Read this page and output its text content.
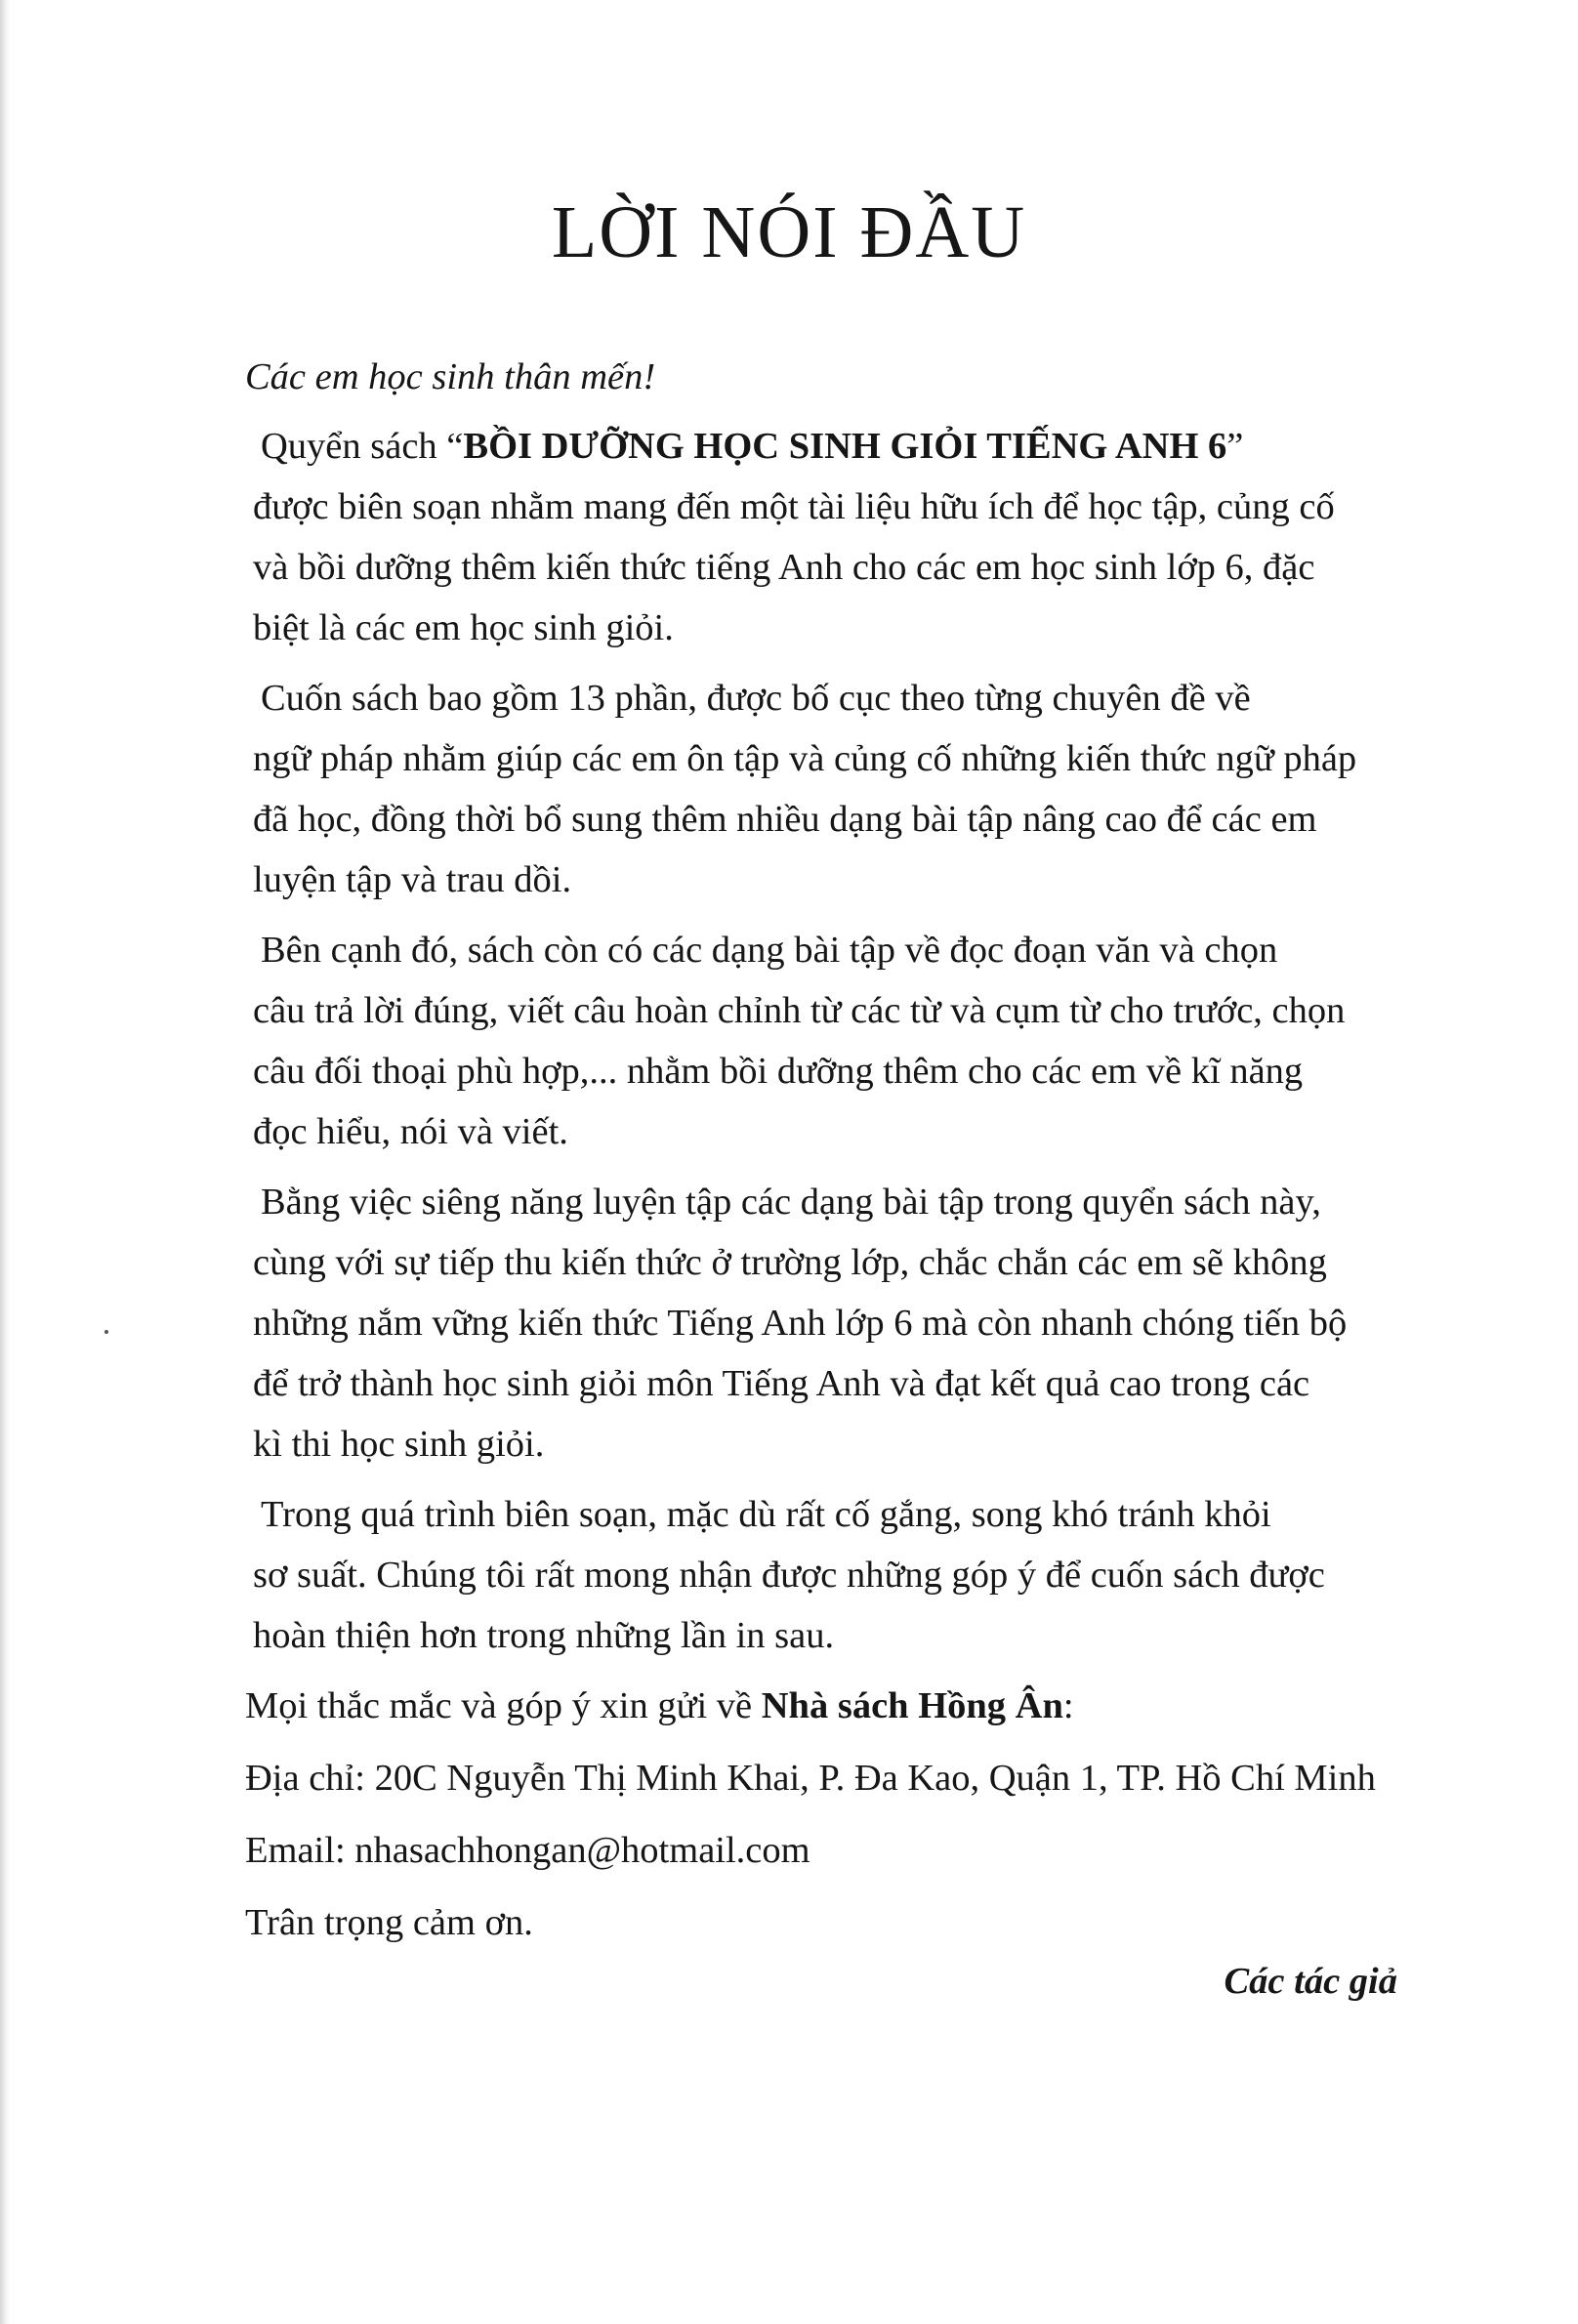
LỜI NÓI ĐẦU

Các em học sinh thân mến!

Quyển sách “BỒI DƯỠNG HỌC SINH GIỎI TIẾNG ANH 6”
được biên soạn nhằm mang đến một tài liệu hữu ích để học tập, củng cố
và bồi dưỡng thêm kiến thức tiếng Anh cho các em học sinh lớp 6, đặc
biệt là các em học sinh giỏi.

Cuốn sách bao gồm 13 phần, được bố cục theo từng chuyên đề về
ngữ pháp nhằm giúp các em ôn tập và củng cố những kiến thức ngữ pháp
đã học, đồng thời bổ sung thêm nhiều dạng bài tập nâng cao để các em
luyện tập và trau dồi.

Bên cạnh đó, sách còn có các dạng bài tập về đọc đoạn văn và chọn
câu trả lời đúng, viết câu hoàn chỉnh từ các từ và cụm từ cho trước, chọn
câu đối thoại phù hợp,... nhằm bồi dưỡng thêm cho các em về kĩ năng
đọc hiểu, nói và viết.

Bằng việc siêng năng luyện tập các dạng bài tập trong quyển sách này,
cùng với sự tiếp thu kiến thức ở trường lớp, chắc chắn các em sẽ không
những nắm vững kiến thức Tiếng Anh lớp 6 mà còn nhanh chóng tiến bộ
để trở thành học sinh giỏi môn Tiếng Anh và đạt kết quả cao trong các
kì thi học sinh giỏi.

Trong quá trình biên soạn, mặc dù rất cố gắng, song khó tránh khỏi
sơ suất. Chúng tôi rất mong nhận được những góp ý để cuốn sách được
hoàn thiện hơn trong những lần in sau.

Mọi thắc mắc và góp ý xin gửi về Nhà sách Hồng Ân:

Địa chỉ: 20C Nguyễn Thị Minh Khai, P. Đa Kao, Quận 1, TP. Hồ Chí Minh

Email: nhasachhongan@hotmail.com

Trân trọng cảm ơn.

Các tác giả
